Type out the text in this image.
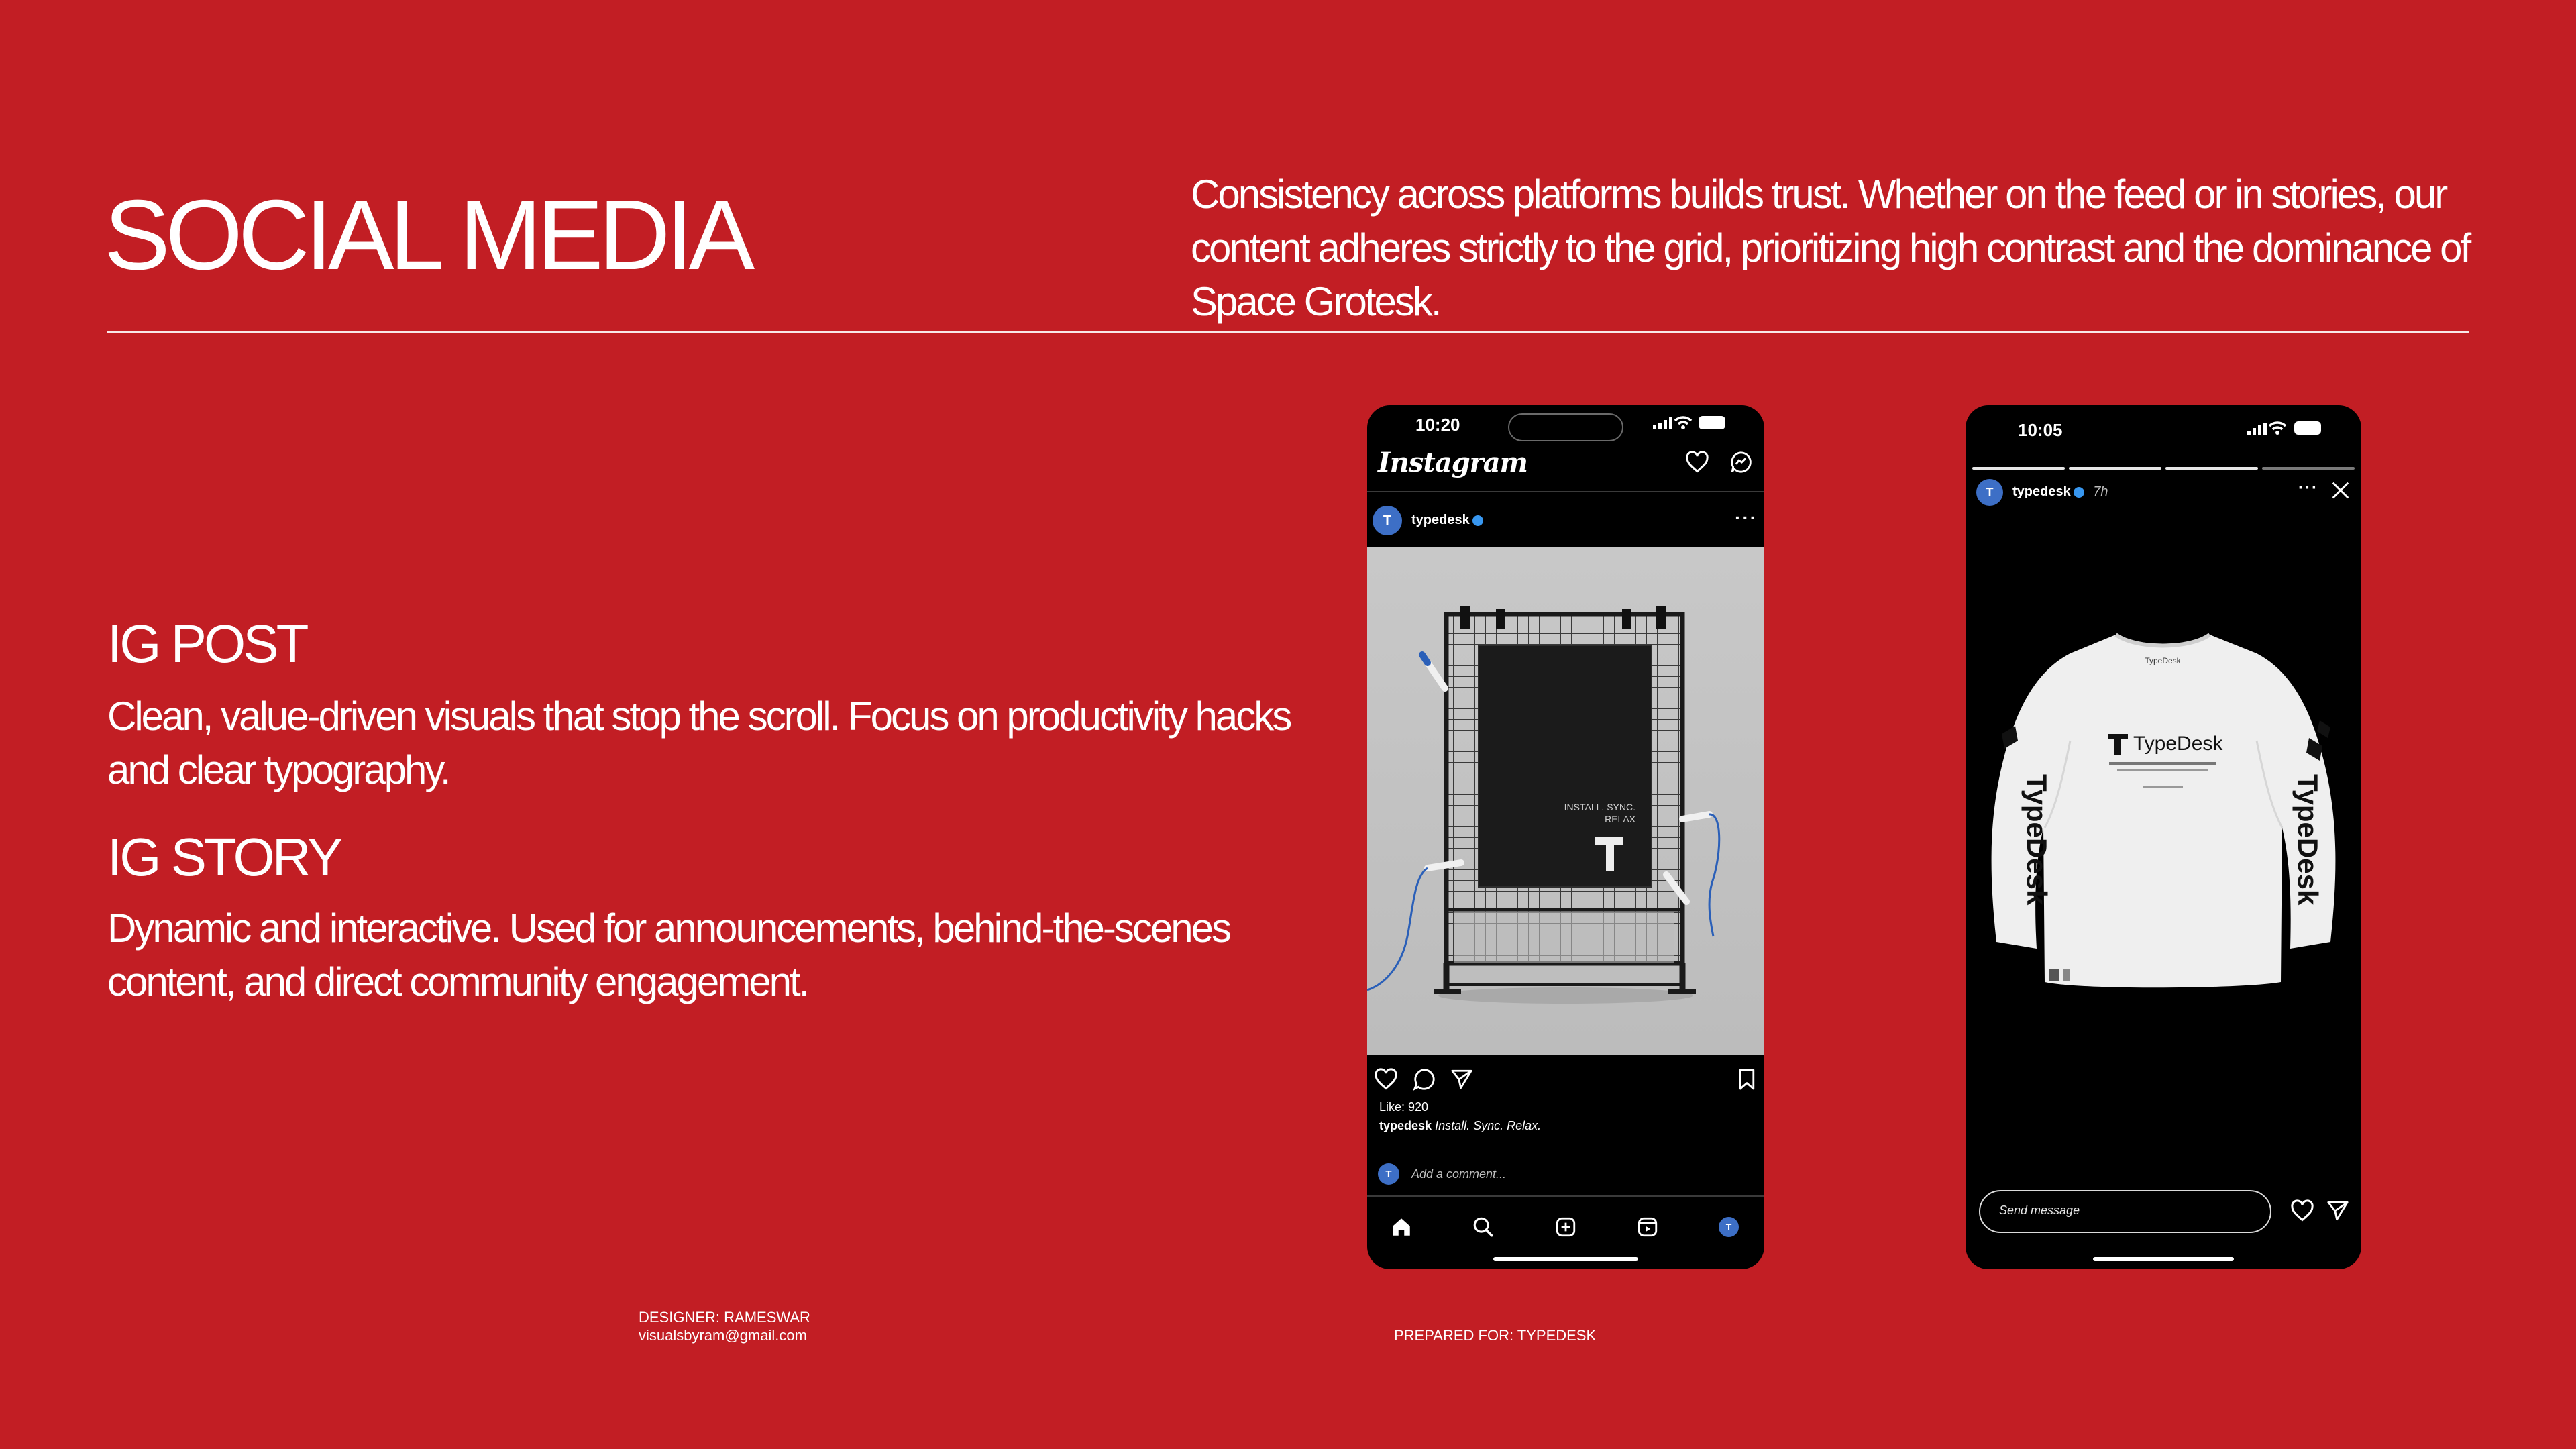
SOCIAL MEDIA	Consistency across platforms builds trust. Whether on the feed or in stories, our content adheres strictly to the grid, prioritizing high contrast and the dominance of Space Grotesk.
IG POST
Clean, value-driven visuals that stop the scroll. Focus on productivity hacks and clear typography.
IG STORY
Dynamic and interactive. Used for announcements, behind-the-scenes content, and direct community engagement.
DESIGNER: RAMESWAR
visualsbyram@gmail.com	PREPARED FOR: TYPEDESK
10:20
Instagram
T	typedesk	···
INSTALL. SYNC.
RELAX
Like: 920
typedesk Install. Sync. Relax.
T	Add a comment...
T
10:05
T	typedesk 7h	···
TypeDesk
TypeDesk
TypeDesk	TypeDesk
Send message
